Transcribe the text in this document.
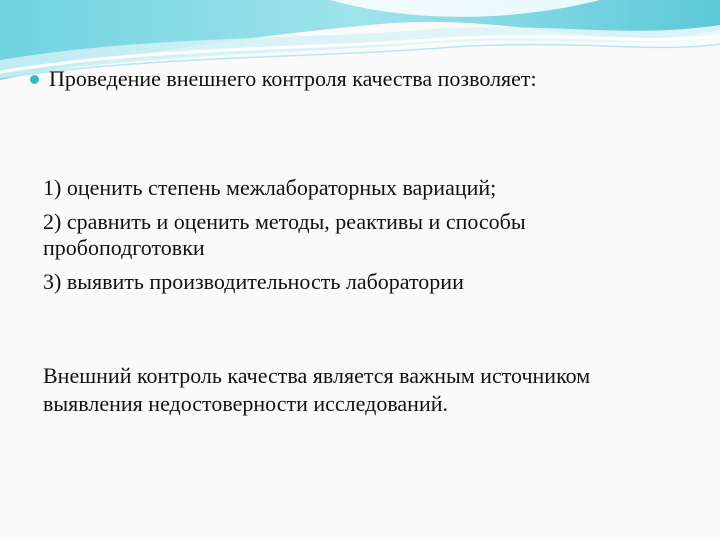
Проведение внешнего контроля качества позволяет:
1) оценить степень межлабораторных вариаций;
2) сравнить и оценить методы, реактивы и способы пробоподготовки
3) выявить производительность лаборатории
Внешний контроль качества является важным источником выявления недостоверности исследований.
